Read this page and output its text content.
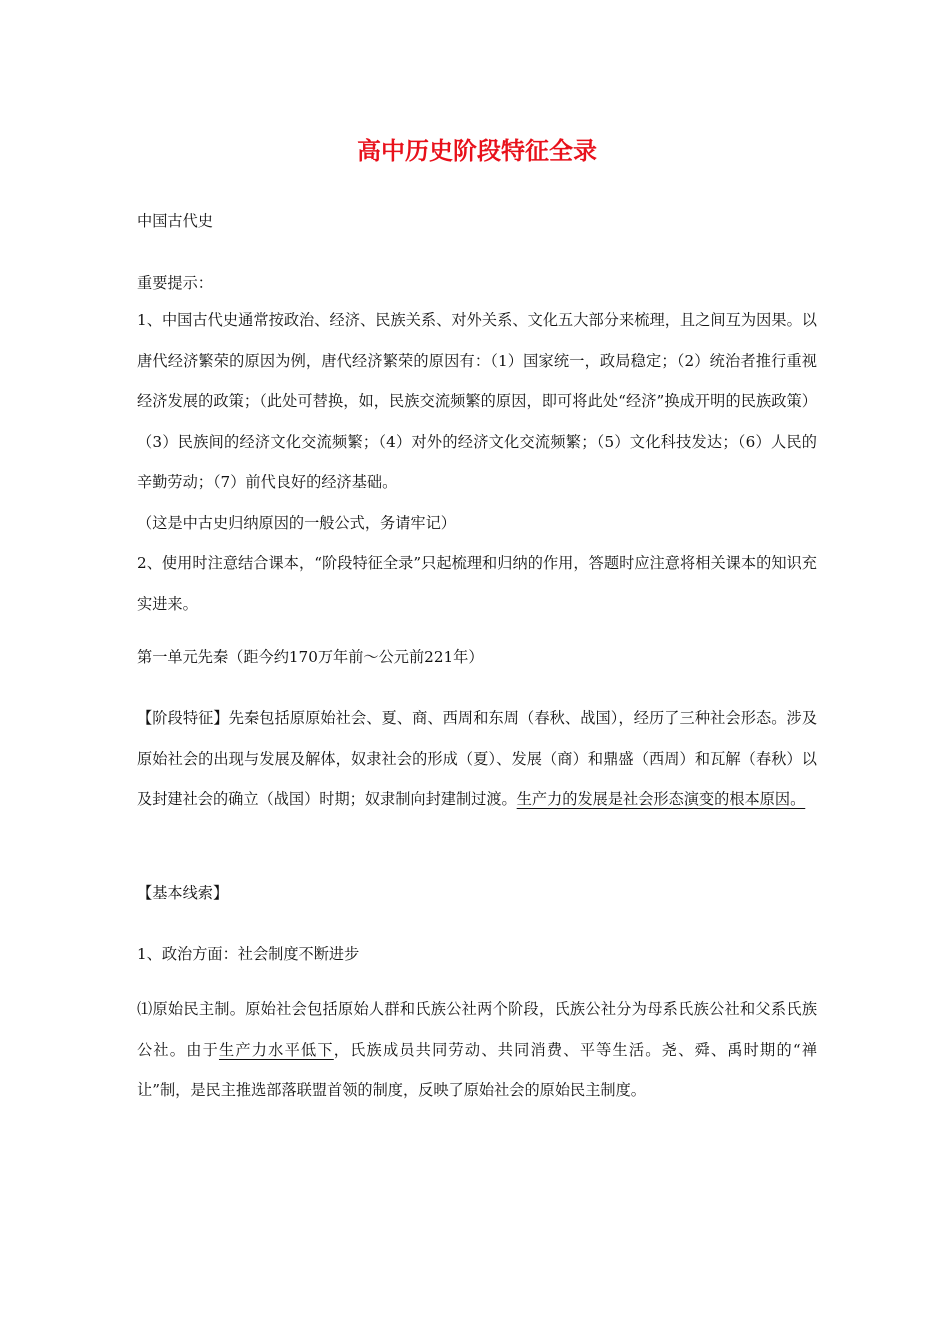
高中历史阶段特征全录

中国古代史

重要提示：

1、中国古代史通常按政治、经济、民族关系、对外关系、文化五大部分来梳理，且之间互为因果。以唐代经济繁荣的原因为例，唐代经济繁荣的原因有：（1）国家统一，政局稳定；（2）统治者推行重视经济发展的政策；（此处可替换，如，民族交流频繁的原因，即可将此处“经济”换成开明的民族政策）（3）民族间的经济文化交流频繁；（4）对外的经济文化交流频繁；（5）文化科技发达；（6）人民的辛勤劳动；（7）前代良好的经济基础。

（这是中古史归纳原因的一般公式，务请牢记）

2、使用时注意结合课本，“阶段特征全录”只起梳理和归纳的作用，答题时应注意将相关课本的知识充实进来。

第一单元先秦（距今约170万年前～公元前221年）

【阶段特征】先秦包括原原始社会、夏、商、西周和东周（春秋、战国），经历了三种社会形态。涉及原始社会的出现与发展及解体，奴隶社会的形成（夏）、发展（商）和鼎盛（西周）和瓦解（春秋）以及封建社会的确立（战国）时期；奴隶制向封建制过渡。生产力的发展是社会形态演变的根本原因。

【基本线索】

1、政治方面：社会制度不断进步

⑴原始民主制。原始社会包括原始人群和氏族公社两个阶段，氏族公社分为母系氏族公社和父系氏族公社。由于生产力水平低下，氏族成员共同劳动、共同消费、平等生活。尧、舜、禹时期的“禅让”制，是民主推选部落联盟首领的制度，反映了原始社会的原始民主制度。
